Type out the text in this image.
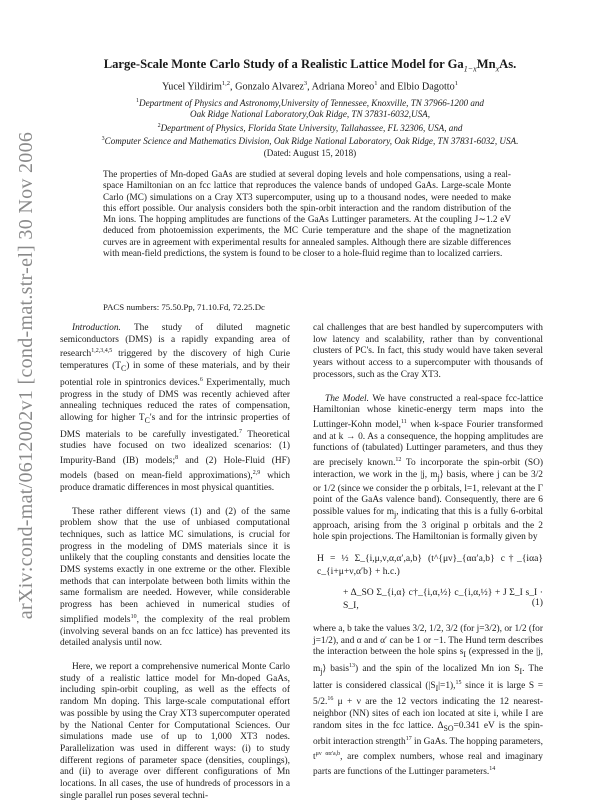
arXiv:cond-mat/0612002v1 [cond-mat.str-el] 30 Nov 2006
Large-Scale Monte Carlo Study of a Realistic Lattice Model for $Ga_{1-x}Mn_xAs$.
Yucel Yildirim$^{1,2}$, Gonzalo Alvarez$^3$, Adriana Moreo$^1$ and Elbio Dagotto$^1$
$^1$Department of Physics and Astronomy,University of Tennessee, Knoxville, TN 37966-1200 and
Oak Ridge National Laboratory,Oak Ridge, TN 37831-6032,USA,
$^2$Department of Physics, Florida State University, Tallahassee, FL 32306, USA, and
$^3$Computer Science and Mathematics Division, Oak Ridge National Laboratory, Oak Ridge, TN 37831-6032, USA.
(Dated: August 15, 2018)
The properties of Mn-doped GaAs are studied at several doping levels and hole compensations, using a real-space Hamiltonian on an fcc lattice that reproduces the valence bands of undoped GaAs. Large-scale Monte Carlo (MC) simulations on a Cray XT3 supercomputer, using up to a thousand nodes, were needed to make this effort possible. Our analysis considers both the spin-orbit interaction and the random distribution of the Mn ions. The hopping amplitudes are functions of the GaAs Luttinger parameters. At the coupling J∼1.2 eV deduced from photoemission experiments, the MC Curie temperature and the shape of the magnetization curves are in agreement with experimental results for annealed samples. Although there are sizable differences with mean-field predictions, the system is found to be closer to a hole-fluid regime than to localized carriers.
PACS numbers: 75.50.Pp, 71.10.Fd, 72.25.Dc

Introduction. The study of diluted magnetic semiconductors (DMS) is a rapidly expanding area of research$^{1,2,3,4,5}$ triggered by the discovery of high Curie temperatures $(T_C)$ in some of these materials, and by their potential role in spintronics devices.$^6$ Experimentally, much progress in the study of DMS was recently achieved after annealing techniques reduced the rates of compensation, allowing for higher $T_C's$ and for the intrinsic properties of DMS materials to be carefully investigated.$^7$ Theoretical studies have focused on two idealized scenarios: (1) Impurity-Band (IB) models;$^8$ and (2) Hole-Fluid (HF) models (based on mean-field approximations),$^{2,9}$ which produce dramatic differences in most physical quantities.

These rather different views (1) and (2) of the same problem show that the use of unbiased computational techniques, such as lattice MC simulations, is crucial for progress in the modeling of DMS materials since it is unlikely that the coupling constants and densities locate the DMS systems exactly in one extreme or the other. Flexible methods that can interpolate between both limits within the same formalism are needed. However, while considerable progress has been achieved in numerical studies of simplified models$^{10}$, the complexity of the real problem (involving several bands on an fcc lattice) has prevented its detailed analysis until now.

Here, we report a comprehensive numerical Monte Carlo study of a realistic lattice model for Mn-doped GaAs, including spin-orbit coupling, as well as the effects of random Mn doping. This large-scale computational effort was possible by using the Cray XT3 supercomputer operated by the National Center for Computational Sciences. Our simulations made use of up to 1,000 XT3 nodes. Parallelization was used in different ways: (i) to study different regions of parameter space (densities, couplings), and (ii) to average over different configurations of Mn locations. In all cases, the use of hundreds of processors in a single parallel run poses several techni-

cal challenges that are best handled by supercomputers with low latency and scalability, rather than by conventional clusters of PC's. In fact, this study would have taken several years without access to a supercomputer with thousands of processors, such as the Cray XT3.

The Model. We have constructed a real-space fcc-lattice Hamiltonian whose kinetic-energy term maps into the Luttinger-Kohn model,$^{11}$ when k-space Fourier transformed and at k → 0. As a consequence, the hopping amplitudes are functions of (tabulated) Luttinger parameters, and thus they are precisely known.$^{12}$ To incorporate the spin-orbit (SO) interaction, we work in the |j, $m_j⟩$ basis, where j can be 3/2 or 1/2 (since we consider the p orbitals, l=1, relevant at the Γ point of the GaAs valence band). Consequently, there are 6 possible values for $m_j$, indicating that this is a fully 6-orbital approach, arising from the 3 original p orbitals and the 2 hole spin projections. The Hamiltonian is formally given by

H = ½ Σ_{i,μ,ν,α,α′,a,b} (t^{μν}_{αα′a,b} c†_{iαa} c_{i+μ+ν,α′b} + h.c.)
+ Δ_SO Σ_{i,α} c†_{i,α,½} c_{i,α,½} + J Σ_I s_I · S_I,	(1)

where a, b take the values 3/2, 1/2, 3/2 (for j=3/2), or 1/2 (for j=1/2), and α and α′ can be 1 or −1. The Hund term describes the interaction between the hole spins $s_I$ (expressed in the |j, $m_j⟩$ basis$^{13}$) and the spin of the localized Mn ion $S_I$. The latter is considered classical $(|S_I|=1),^{15}$ since it is large S = 5/2.16 μ + ν are the 12 vectors indicating the 12 nearest-neighbor (NN) sites of each ion located at site i, while I are random sites in the fcc lattice. $\Delta_{SO}=0.341$ eV is the spin-orbit interaction strength$^{17}$ in GaAs. The hopping parameters, $t^{\mu\nu \alpha\alpha'a,b}$, are complex numbers, whose real and imaginary parts are functions of the Luttinger parameters.$^{14}$
